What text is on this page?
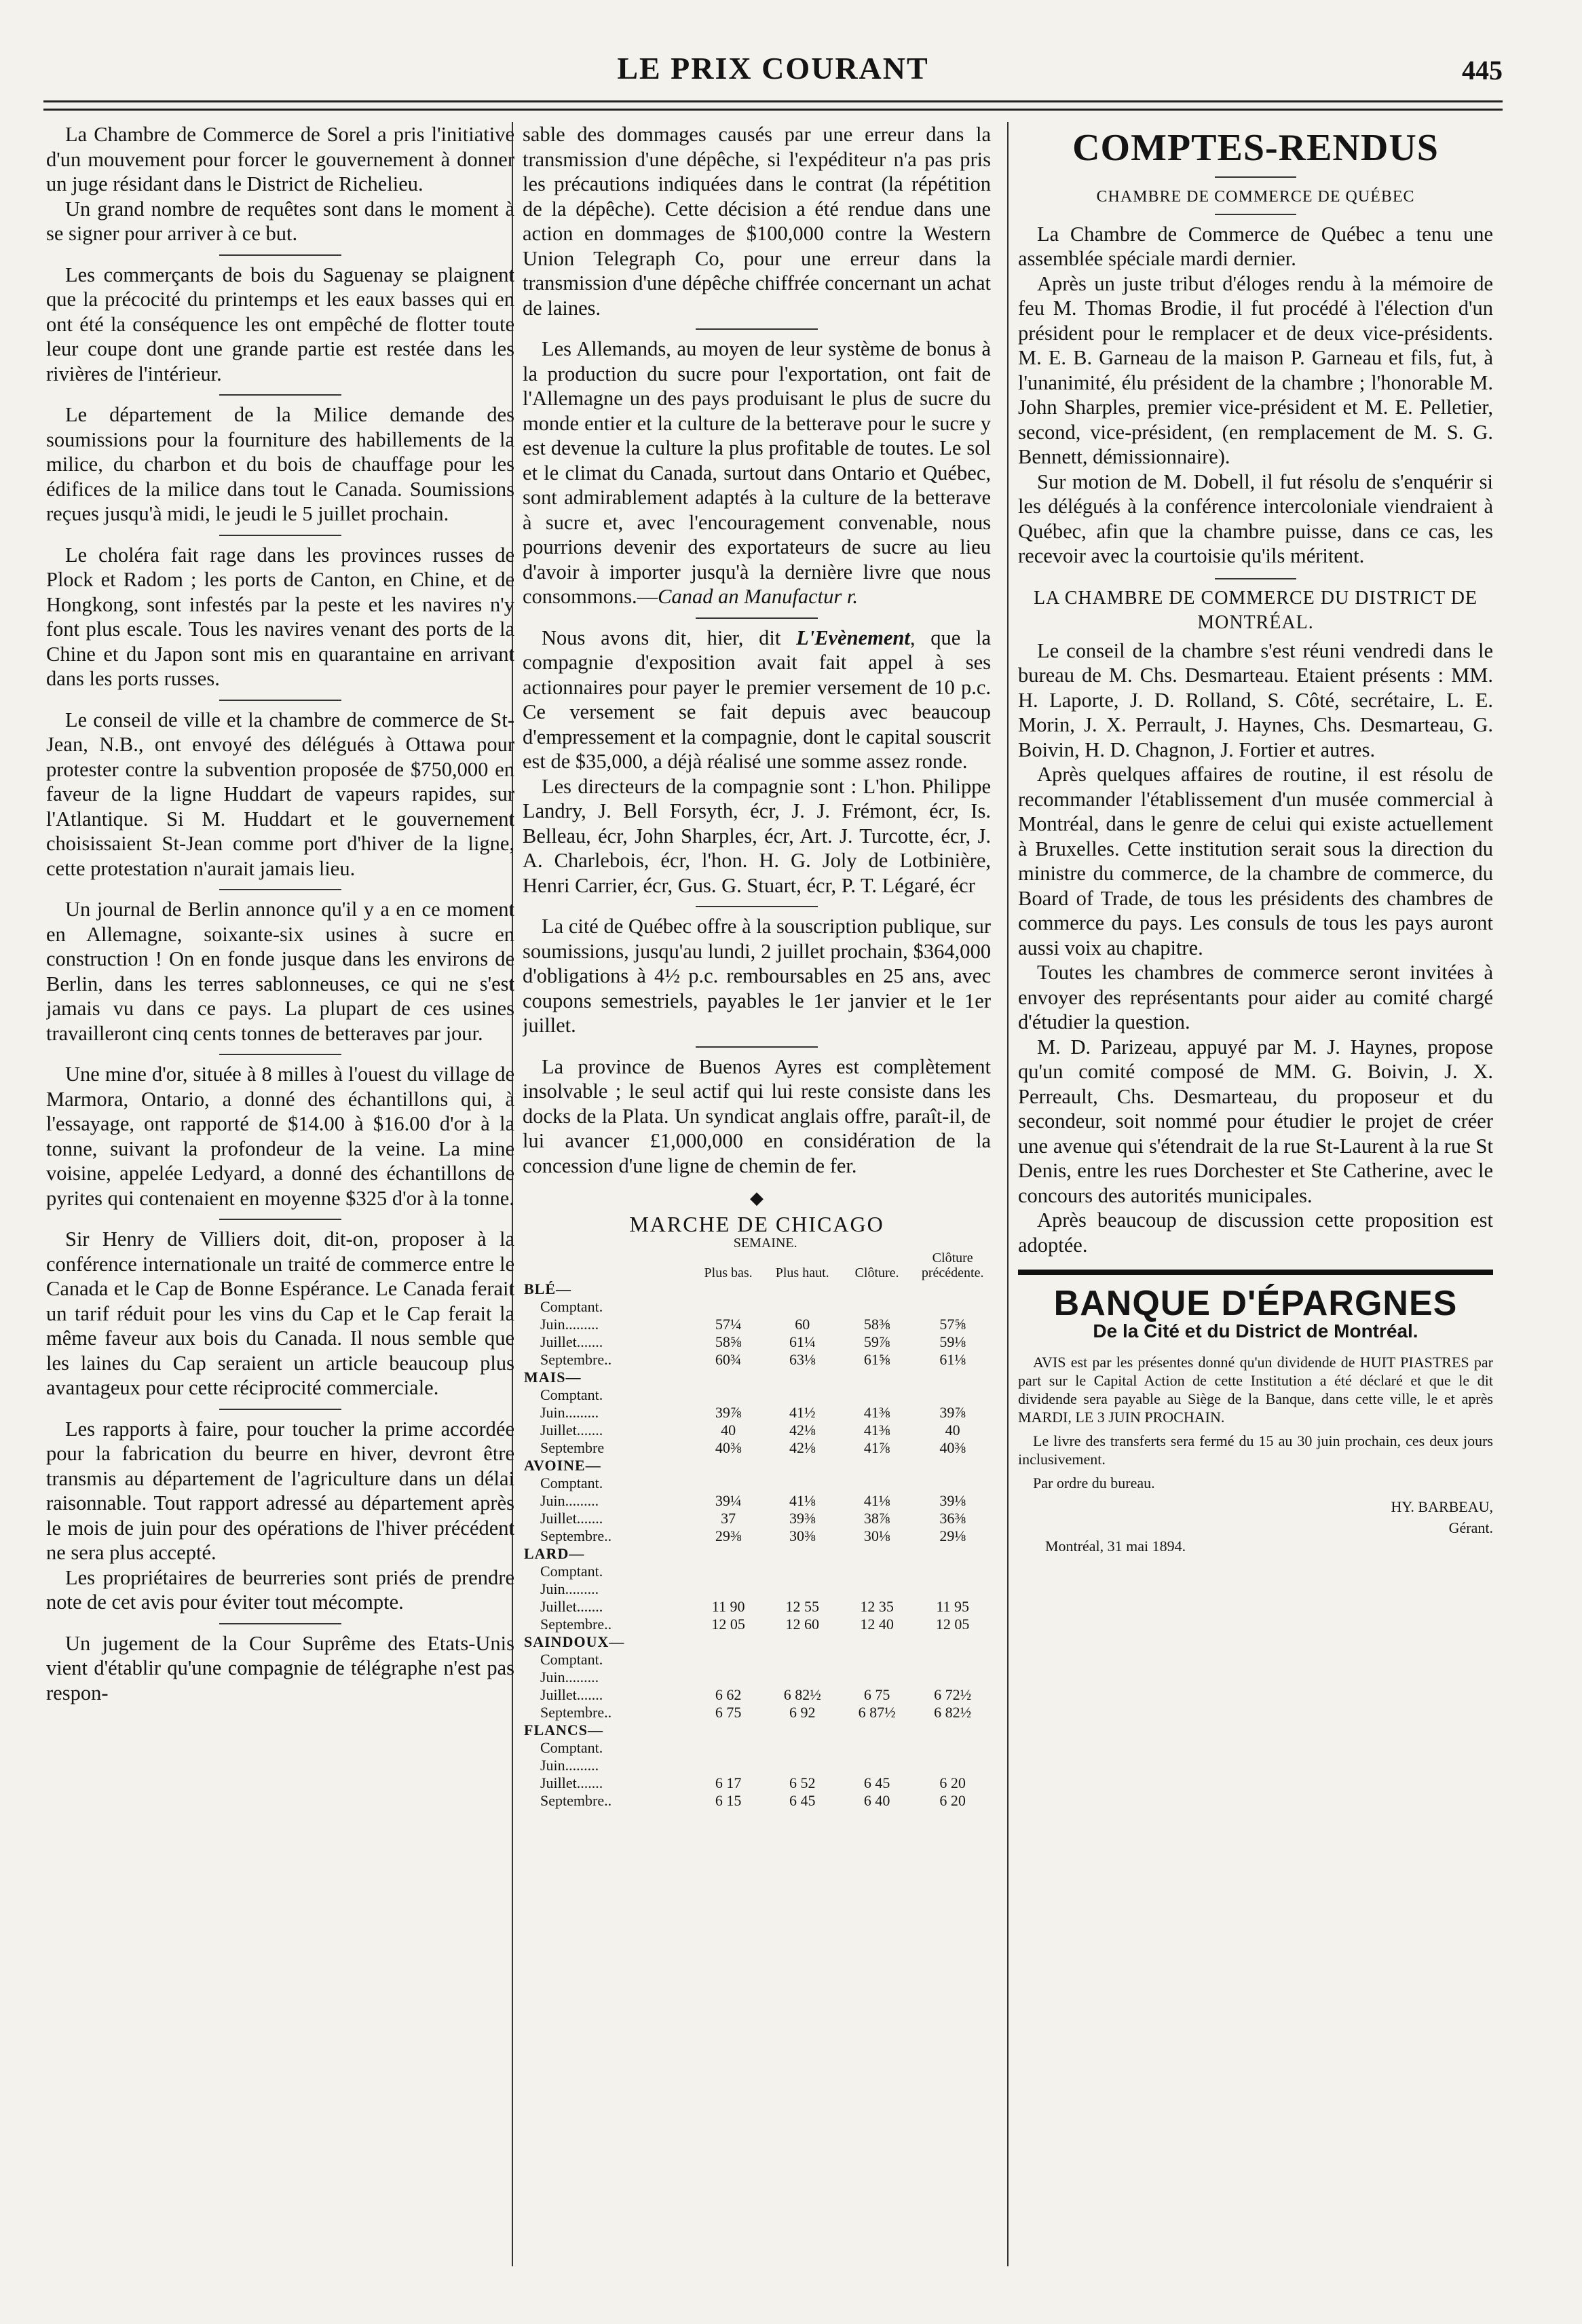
LE PRIX COURANT	445

La Chambre de Commerce de Sorel a pris l'initiative d'un mouvement pour forcer le gouvernement à donner un juge résidant dans le District de Richelieu.

Un grand nombre de requêtes sont dans le moment à se signer pour arriver à ce but.

Les commerçants de bois du Saguenay se plaignent que la précocité du printemps et les eaux basses qui en ont été la conséquence les ont empêché de flotter toute leur coupe dont une grande partie est restée dans les rivières de l'intérieur.

Le département de la Milice demande des soumissions pour la fourniture des habillements de la milice, du charbon et du bois de chauffage pour les édifices de la milice dans tout le Canada. Soumissions reçues jusqu'à midi, le jeudi le 5 juillet prochain.

Le choléra fait rage dans les provinces russes de Plock et Radom ; les ports de Canton, en Chine, et de Hongkong, sont infestés par la peste et les navires n'y font plus escale. Tous les navires venant des ports de la Chine et du Japon sont mis en quarantaine en arrivant dans les ports russes.

Le conseil de ville et la chambre de commerce de St-Jean, N.B., ont envoyé des délégués à Ottawa pour protester contre la subvention proposée de $750,000 en faveur de la ligne Huddart de vapeurs rapides, sur l'Atlantique. Si M. Huddart et le gouvernement choisissaient St-Jean comme port d'hiver de la ligne, cette protestation n'aurait jamais lieu.

Un journal de Berlin annonce qu'il y a en ce moment en Allemagne, soixante-six usines à sucre en construction ! On en fonde jusque dans les environs de Berlin, dans les terres sablonneuses, ce qui ne s'est jamais vu dans ce pays. La plupart de ces usines travailleront cinq cents tonnes de betteraves par jour.

Une mine d'or, située à 8 milles à l'ouest du village de Marmora, Ontario, a donné des échantillons qui, à l'essayage, ont rapporté de $14.00 à $16.00 d'or à la tonne, suivant la profondeur de la veine. La mine voisine, appelée Ledyard, a donné des échantillons de pyrites qui contenaient en moyenne $325 d'or à la tonne.

Sir Henry de Villiers doit, dit-on, proposer à la conférence internationale un traité de commerce entre le Canada et le Cap de Bonne Espérance. Le Canada ferait un tarif réduit pour les vins du Cap et le Cap ferait la même faveur aux bois du Canada. Il nous semble que les laines du Cap seraient un article beaucoup plus avantageux pour cette réciprocité commerciale.

Les rapports à faire, pour toucher la prime accordée pour la fabrication du beurre en hiver, devront être transmis au département de l'agriculture dans un délai raisonnable. Tout rapport adressé au département après le mois de juin pour des opérations de l'hiver précédent ne sera plus accepté.

Les propriétaires de beurreries sont priés de prendre note de cet avis pour éviter tout mécompte.

Un jugement de la Cour Suprême des Etats-Unis vient d'établir qu'une compagnie de télégraphe n'est pas respon-

sable des dommages causés par une erreur dans la transmission d'une dépêche, si l'expéditeur n'a pas pris les précautions indiquées dans le contrat (la répétition de la dépêche). Cette décision a été rendue dans une action en dommages de $100,000 contre la Western Union Telegraph Co, pour une erreur dans la transmission d'une dépêche chiffrée concernant un achat de laines.

Les Allemands, au moyen de leur système de bonus à la production du sucre pour l'exportation, ont fait de l'Allemagne un des pays produisant le plus de sucre du monde entier et la culture de la betterave pour le sucre y est devenue la culture la plus profitable de toutes. Le sol et le climat du Canada, surtout dans Ontario et Québec, sont admirablement adaptés à la culture de la betterave à sucre et, avec l'encouragement convenable, nous pourrions devenir des exportateurs de sucre au lieu d'avoir à importer jusqu'à la dernière livre que nous consommons.—Canad an Manufactur r.

Nous avons dit, hier, dit L'Evènement, que la compagnie d'exposition avait fait appel à ses actionnaires pour payer le premier versement de 10 p.c. Ce versement se fait depuis avec beaucoup d'empressement et la compagnie, dont le capital souscrit est de $35,000, a déjà réalisé une somme assez ronde.

Les directeurs de la compagnie sont : L'hon. Philippe Landry, J. Bell Forsyth, écr, J. J. Frémont, écr, Is. Belleau, écr, John Sharples, écr, Art. J. Turcotte, écr, J. A. Charlebois, écr, l'hon. H. G. Joly de Lotbinière, Henri Carrier, écr, Gus. G. Stuart, écr, P. T. Légaré, écr

La cité de Québec offre à la souscription publique, sur soumissions, jusqu'au lundi, 2 juillet prochain, $364,000 d'obligations à 4½ p.c. remboursables en 25 ans, avec coupons semestriels, payables le 1er janvier et le 1er juillet.

La province de Buenos Ayres est complètement insolvable ; le seul actif qui lui reste consiste dans les docks de la Plata. Un syndicat anglais offre, paraît-il, de lui avancer £1,000,000 en considération de la concession d'une ligne de chemin de fer.

◆
MARCHE DE CHICAGO
	SEMAINE.			
	Plus bas.	Plus haut.	Clôture.	Clôture précédente.
BLÉ—				
Comptant.				
Juin.........	57¼	60	58⅜	57⅝
Juillet.......	58⅝	61¼	59⅞	59⅛
Septembre..	60¾	63⅛	61⅝	61⅛
MAIS—				
Comptant.				
Juin.........	39⅞	41½	41⅜	39⅞
Juillet.......	40	42⅛	41⅜	40
Septembre	40⅜	42⅛	41⅞	40⅜
AVOINE—				
Comptant.				
Juin.........	39¼	41⅛	41⅛	39⅛
Juillet.......	37	39⅜	38⅞	36⅜
Septembre..	29⅜	30⅜	30⅛	29⅛
LARD—				
Comptant.				
Juin.........				
Juillet.......	11 90	12 55	12 35	11 95
Septembre..	12 05	12 60	12 40	12 05
SAINDOUX—				
Comptant.				
Juin.........				
Juillet.......	6 62	6 82½	6 75	6 72½
Septembre..	6 75	6 92	6 87½	6 82½
FLANCS—				
Comptant.				
Juin.........				
Juillet.......	6 17	6 52	6 45	6 20
Septembre..	6 15	6 45	6 40	6 20
COMPTES-RENDUS
CHAMBRE DE COMMERCE DE QUÉBEC

La Chambre de Commerce de Québec a tenu une assemblée spéciale mardi dernier.

Après un juste tribut d'éloges rendu à la mémoire de feu M. Thomas Brodie, il fut procédé à l'élection d'un président pour le remplacer et de deux vice-présidents. M. E. B. Garneau de la maison P. Garneau et fils, fut, à l'unanimité, élu président de la chambre ; l'honorable M. John Sharples, premier vice-président et M. E. Pelletier, second, vice-président, (en remplacement de M. S. G. Bennett, démissionnaire).

Sur motion de M. Dobell, il fut résolu de s'enquérir si les délégués à la conférence intercoloniale viendraient à Québec, afin que la chambre puisse, dans ce cas, les recevoir avec la courtoisie qu'ils méritent.

LA CHAMBRE DE COMMERCE DU DISTRICT DE MONTRÉAL.

Le conseil de la chambre s'est réuni vendredi dans le bureau de M. Chs. Desmarteau. Etaient présents : MM. H. Laporte, J. D. Rolland, S. Côté, secrétaire, L. E. Morin, J. X. Perrault, J. Haynes, Chs. Desmarteau, G. Boivin, H. D. Chagnon, J. Fortier et autres.

Après quelques affaires de routine, il est résolu de recommander l'établissement d'un musée commercial à Montréal, dans le genre de celui qui existe actuellement à Bruxelles. Cette institution serait sous la direction du ministre du commerce, de la chambre de commerce, du Board of Trade, de tous les présidents des chambres de commerce du pays. Les consuls de tous les pays auront aussi voix au chapitre.

Toutes les chambres de commerce seront invitées à envoyer des représentants pour aider au comité chargé d'étudier la question.

M. D. Parizeau, appuyé par M. J. Haynes, propose qu'un comité composé de MM. G. Boivin, J. X. Perreault, Chs. Desmarteau, du proposeur et du secondeur, soit nommé pour étudier le projet de créer une avenue qui s'étendrait de la rue St-Laurent à la rue St Denis, entre les rues Dorchester et Ste Catherine, avec le concours des autorités municipales.

Après beaucoup de discussion cette proposition est adoptée.

BANQUE D'ÉPARGNES
De la Cité et du District de Montréal.

AVIS est par les présentes donné qu'un dividende de HUIT PIASTRES par part sur le Capital Action de cette Institution a été déclaré et que le dit dividende sera payable au Siège de la Banque, dans cette ville, le et après MARDI, LE 3 JUIN PROCHAIN.

Le livre des transferts sera fermé du 15 au 30 juin prochain, ces deux jours inclusivement.

Par ordre du bureau.

HY. BARBEAU,
Gérant.
Montréal, 31 mai 1894.
